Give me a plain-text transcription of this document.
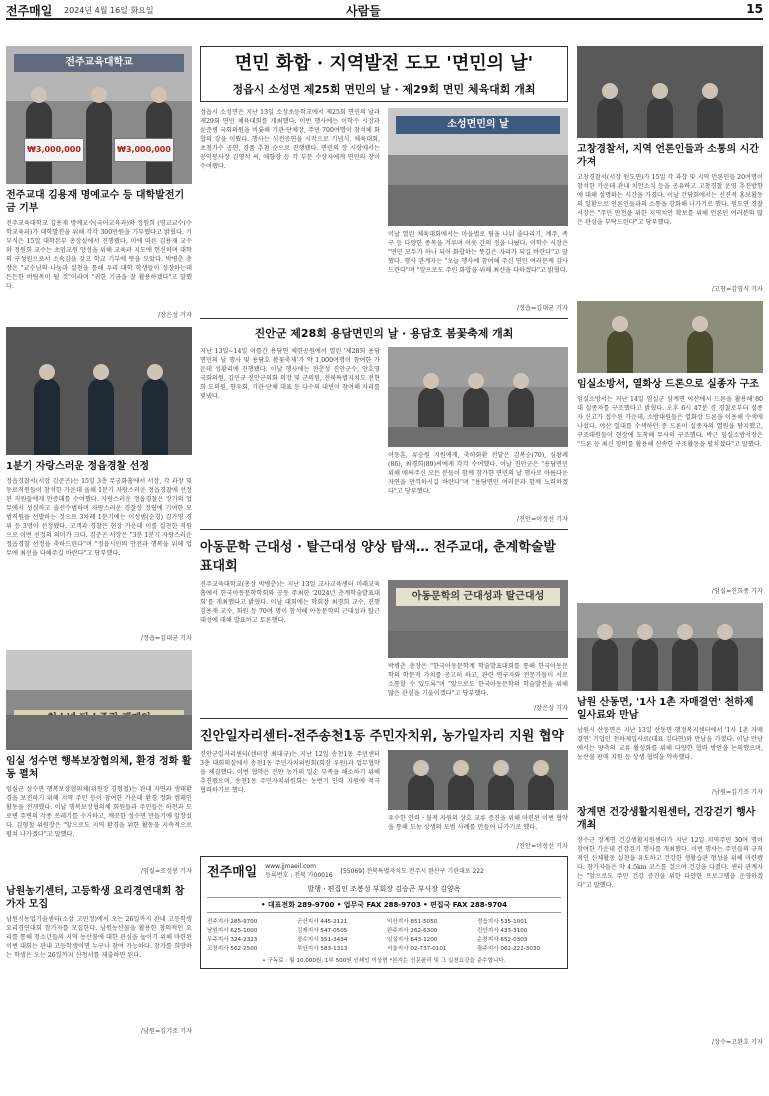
전주매일 2024년 4월 16일 화요일	사람들	15
전주교육대학교
₩3,000,000	₩3,000,000
전주교대 김용재 명예교수 등 대학발전기금 기부
전주교육대학교 김용재 명예교수(국어교육과)와 정원희 (영교교수(수학교육과)가 대학발전을 위해 각각 300만원을 기부했다고 밝혔다. 기부식은 15일 대학본부 총장실에서 진행됐다. 이에 따른 김용재 교수와 정원희 교수는 초임교원 양성을 위해 교육과 지도에 헌신하며 대학의 구성원으로서 소속감을 갖고 학교 기부에 뜻을 모았다. 박병춘 총장은 "교수님의 나눔과 실천을 통해 우리 대학 학생들이 성장하는데 든든한 버팀목이 될 것"이라며 "귀한 기금을 잘 활용하겠다"고 말했다.
/장은성 기자
1분기 자랑스러운 정읍경찰 선정
정읍경찰서(서장 김준곤)는 15일 3층 무궁화홀에서 서장, 각 과장 및 동료직원들이 참석한 가운데 올해 1분기 자랑스러운 정읍경찰에 선정된 직원들에게 인증패를 수여했다. 자랑스러운 정읍경찰은 장기의 업무에서 성실하고 솔선수범하며 자랑스러운 경찰상 정립에 기여한 모범직원을 선발하는 것으로 3차례 1분기에는 이성범(순경) 김가영 경위 등 3명이 선정됐다. 고객과 경찰은 현장 가운데 이를 실천한 직원으로 이번 선정의 의미가 크다. 김준곤 서장은 "3분 1분기 자랑스러운 정읍경찰 선정을 축하드린다"며 "정읍시민의 안전과 행복을 위해 업무에 최선을 다해주길 바란다"고 당부했다.
/정읍=김대균 기자
임실 성수면 행복보장협의체, 환경 정화 활동 펼쳐
임실군 성수면 행복보장협의체(위원장 김형철)는 관내 자연과 생태환경을 보전하기 위해 지역 주민 등이 참여한 가운데 환경 정화 캠페인 활동을 전개했다. 이날 행복보장협의체 회원들과 주민들은 하천과 도로변 주변의 각종 쓰레기를 수거하고, 깨끗한 성수면 만들기에 앞장섰다. 김형철 위원장은 "앞으로도 지역 환경을 위한 활동을 지속적으로 펼쳐 나가겠다"고 말했다.
/임실=조성봉 기자
남원농기센터, 고등학생 요리경연대회 참가자 모집
남원시농업기술센터(소장 고민정)에서 오는 26일까지 관내 고등학생 요리경연대회 참가자를 모집한다. 남원농산물을 활용한 창의적인 요리를 통해 청소년들의 지역 농산물에 대한 관심을 높이기 위해 마련된 이번 대회는 관내 고등학생이면 누구나 참여 가능하다. 참가를 희망하는 학생은 오는 26일까지 신청서를 제출하면 된다.
/남원=김기조 기자
면민 화합 · 지역발전 도모 '면민의 날'
정읍시 소성면 제25회 면민의 날 · 제29회 면민 체육대회 개최
정읍시 소성면은 지난 13일 소성초등학교에서 제25회 면민의 날과 제29회 면민 체육대회를 개최했다. 이번 행사에는 이학수 시장과 윤준병 국회의원을 비롯해 기관·단체장, 주민 700여명이 참석해 화합의 장을 이뤘다. 행사는 식전공연을 시작으로 기념식, 체육대회, 초청가수 공연, 경품 추첨 순으로 진행됐다. 면민의 장 시상에서는 공익봉사장 김영석 씨, 애향장 등 각 부문 수상자에게 면민의 장이 수여됐다.
소성면민의 날
이날 열린 체육대회에서는 마을별로 팀을 나눠 줄다리기, 계주, 족구 등 다양한 종목을 겨루며 이웃 간의 정을 나눴다. 이학수 시장은 "면민 모두가 하나 되어 화합하는 뜻깊은 자리가 되길 바란다"고 말했다. 행사 관계자는 "오늘 행사에 참여해 주신 면민 여러분께 감사드린다"며 "앞으로도 주민 화합을 위해 최선을 다하겠다"고 밝혔다.
/정읍=김대균 기자
진안군 제28회 용담면민의 날 · 용담호 봄꽃축제 개최
지난 13일~14일 이틀간 용담면 체련공원에서 열린 '제28회 용담면민의 날 행사 및 용담호 봄꽃축제'가 약 1,000여명이 참여한 가운데 성황리에 진행됐다. 이날 행사에는 전춘성 진안군수, 안호영 국회의원, 김민규 진안군의회 의장 및 군의원, 전북특별자치도 전현희 도의원, 향우회, 기관·단체 대표 등 다수의 내빈이 참여해 자리를 빛냈다.
이동훈, 류승원 지원에게, 축하화환 전달은 김복순(70), 심왕례(86), 최경희(89)씨에게 각각 수여했다. 이날 진안군은 "용담면민 위해 애써주신 모든 분들이 함께 참가한 면민의 날 행사로 아름다운 자연을 만끽하시길 바란다"며 "용담면민 여러분과 함께 노력하겠다"고 당부했다.
/진안=이정선 기자
아동문학 근대성 · 탈근대성 양상 탐색… 전주교대, 춘계학술발표대회
전주교육대학교(총장 박병춘)는 지난 13일 교사교육센터 미래교육홀에서 한국아동문학학회와 공동 주최한 '2024년 춘계학술발표대회'를 개최했다고 밝혔다. 이날 대회에는 학회장 최경희 교수, 진행 김용재 교수, 회원 등 70여 명이 참석해 아동문학의 근대성과 탈근대성에 대해 발표하고 토론했다.
아동문학의 근대성과 탈근대성
박병춘 총장은 "한국아동문학계 학술발표대회를 통해 한국아동문학의 학문적 가치를 공고히 하고, 관련 연구자와 전문가들이 서로 소통할 수 있도록"며 "앞으로도 한국아동문학의 학술발전을 위해 많은 관심을 기울이겠다"고 당부했다.
/장은성 기자
진안일자리센터-전주송천1동 주민자치위, 농가일자리 지원 협약
진안군일자리센터(센터장 최대규)는 지난 12일 송천1동 주민센터 3층 대회의실에서 송천1동 주민자치위원회(회장 우원)과 업무협약을 체결했다. 이번 협약은 진안 농가의 일손 부족을 해소하기 위해 추진됐으며, 송천1동 주민자치위원회는 농번기 인력 지원에 적극 협력하기로 했다.
우수한 인력 · 물적 자원의 상호 교류 증진을 위해 마련된 이번 협약을 통해 도농 상생의 모범 사례를 만들어 나가기로 했다.
/진안=이정선 기자
전주매일 www.jjmaeil.com
등록번호 : 전북 가00016 [55069] 전북특별자치도 전주시 완산구 기린대로 222
발행 · 편집인 조봉성 부회장 김승곤 부사장 김양옥
• 대표전화 289-9700 • 업무국 FAX 288-9703 • 편집국 FAX 288-9704
전주지사 285-9700	군산지사 445-2121	익산지사 851-5050	정읍지사 535-1001
남원지사 625-1000	김제지사 547-0505	완주지사 262-6300	진안지사 433-3100
무주지사 324-2323	장수지사 351-3434	임실지사 643-1200	순창지사 652-0303
고창지사 562-2500	부안지사 583-1313	서울지사 02-737-0101	광주지사 062-222-3030
• 구독료 : 월 10,000원, 1부 500원 인쇄인 이상현 *본지는 신문윤리 및 그 실천요강을 준수합니다.
고창경찰서, 지역 언론인들과 소통의 시간 가져
고창경찰서(서장 원도연)가 15일 각 과장 및 지역 언론인들 20여명이 참석한 가운데 관내 치안소식 등을 공유하고 고창경찰 운영 추진방향에 대해 설명하는 시간을 가졌다. 이날 간담회에서는 선진적 홍보활동의 일환으로 언론인들과의 소통을 강화해 나가기로 했다. 원도연 경찰서장은 "주민 안전을 위한 지역치안 확보를 위해 언론인 여러분의 많은 관심을 부탁드린다"고 당부했다.
/고창=김영식 기자
임실소방서, 열화상 드론으로 실종자 구조
임실소방서는 지난 14일 임실군 삼계면 야산에서 드론을 활용해 80대 실종자를 구조했다고 밝혔다. 오후 6시 47분 경 경찰로부터 실종자 신고가 접수된 가운데, 소방대원들은 열화상 드론을 이용해 수색에 나섰다. 야산 일대를 수색하던 중 드론이 실종자의 열원을 탐지했고, 구조대원들이 현장에 도착해 무사히 구조했다. 박근 임실소방서장은 "드론 등 최신 장비를 활용해 신속한 구조활동을 펼치겠다"고 말했다.
/임실=진희종 기자
남원 산동면, '1사 1촌 자매결연' 천하제일사료와 만남
남원시 산동면은 지난 13일 산동면 행정복지센터에서 '1사 1촌 자매결연' 기업인 천하제일사료(대표 김다현)와 만남을 가졌다. 이날 만남에서는 양측의 교류 활성화를 위해 다양한 협력 방안을 논의했으며, 농산물 판매 지원 등 상생 협력을 약속했다.
/남원=김기조 기자
장계면 건강생활지원센터, 건강걷기 행사 개최
장수군 장계면 건강생활지원센터가 지난 12일 지역주민 30여 명이 참여한 가운데 건강걷기 행사를 개최했다. 이번 행사는 주민들의 규칙적인 신체활동 실천을 유도하고 건강한 생활습관 형성을 위해 마련됐다. 참가자들은 약 4.5km 코스를 걸으며 건강을 다졌다. 센터 관계자는 "앞으로도 주민 건강 증진을 위한 다양한 프로그램을 운영하겠다"고 말했다.
/장수=고완호 기자
